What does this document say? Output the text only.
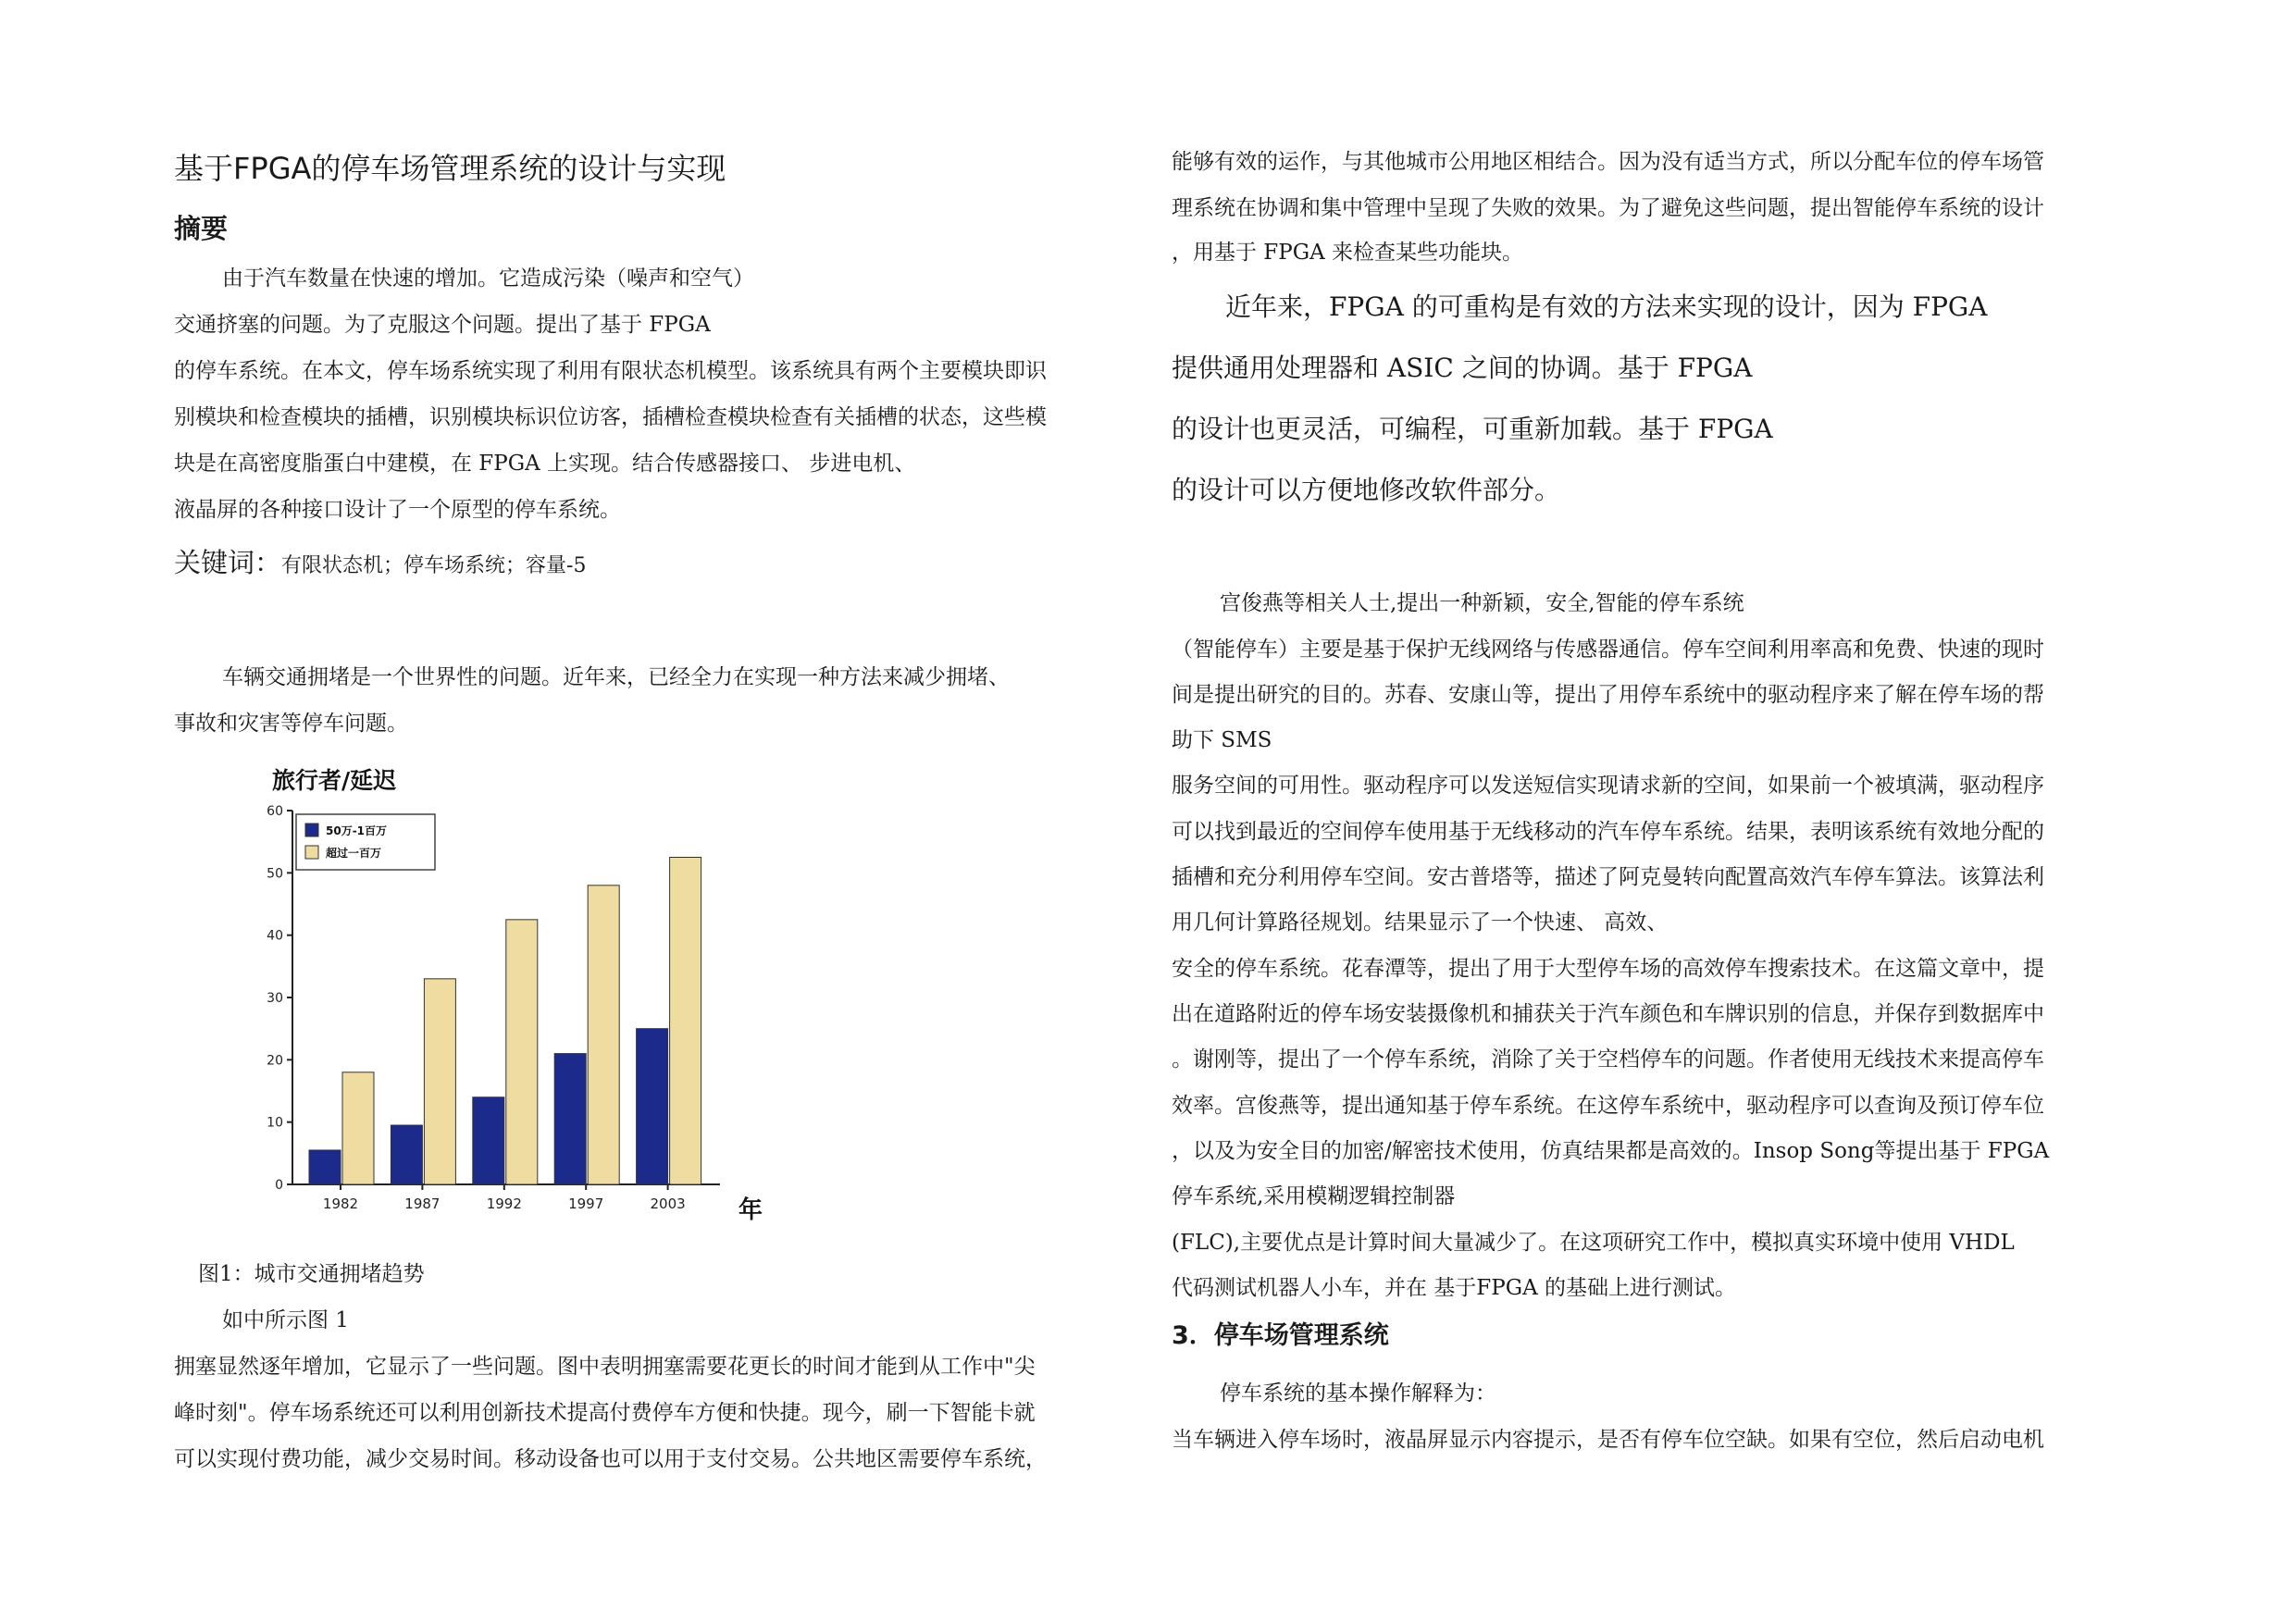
基于FPGA的停车场管理系统的设计与实现
摘要
由于汽车数量在快速的增加。它造成污染（噪声和空气）
交通挤塞的问题。为了克服这个问题。提出了基于 FPGA
的停车系统。在本文，停车场系统实现了利用有限状态机模型。该系统具有两个主要模块即识
别模块和检查模块的插槽，识别模块标识位访客，插槽检查模块检查有关插槽的状态，这些模
块是在高密度脂蛋白中建模，在 FPGA 上实现。结合传感器接口、 步进电机、
液晶屏的各种接口设计了一个原型的停车系统。
关键词：有限状态机；停车场系统；容量-5
车辆交通拥堵是一个世界性的问题。近年来，已经全力在实现一种方法来减少拥堵、
事故和灾害等停车问题。
旅行者/延迟
0
10
20
30
40
50
60
1982	1987	1992	1997	2003
50万-1百万
超过一百万
年
图1：城市交通拥堵趋势
如中所示图 1
拥塞显然逐年增加，它显示了一些问题。图中表明拥塞需要花更长的时间才能到从工作中"尖
峰时刻"。停车场系统还可以利用创新技术提高付费停车方便和快捷。现今，刷一下智能卡就
可以实现付费功能，减少交易时间。移动设备也可以用于支付交易。公共地区需要停车系统，
能够有效的运作，与其他城市公用地区相结合。因为没有适当方式，所以分配车位的停车场管
理系统在协调和集中管理中呈现了失败的效果。为了避免这些问题，提出智能停车系统的设计
，用基于 FPGA 来检查某些功能块。
近年来，FPGA 的可重构是有效的方法来实现的设计，因为 FPGA
提供通用处理器和 ASIC 之间的协调。基于 FPGA
的设计也更灵活，可编程，可重新加载。基于 FPGA
的设计可以方便地修改软件部分。
宫俊燕等相关人士,提出一种新颖，安全,智能的停车系统
（智能停车）主要是基于保护无线网络与传感器通信。停车空间利用率高和免费、快速的现时
间是提出研究的目的。苏春、安康山等，提出了用停车系统中的驱动程序来了解在停车场的帮
助下 SMS
服务空间的可用性。驱动程序可以发送短信实现请求新的空间，如果前一个被填满，驱动程序
可以找到最近的空间停车使用基于无线移动的汽车停车系统。结果，表明该系统有效地分配的
插槽和充分利用停车空间。安古普塔等，描述了阿克曼转向配置高效汽车停车算法。该算法利
用几何计算路径规划。结果显示了一个快速、 高效、
安全的停车系统。花春潭等，提出了用于大型停车场的高效停车搜索技术。在这篇文章中，提
出在道路附近的停车场安装摄像机和捕获关于汽车颜色和车牌识别的信息，并保存到数据库中
。谢刚等，提出了一个停车系统，消除了关于空档停车的问题。作者使用无线技术来提高停车
效率。宫俊燕等，提出通知基于停车系统。在这停车系统中，驱动程序可以查询及预订停车位
，以及为安全目的加密/解密技术使用，仿真结果都是高效的。Insop Song等提出基于 FPGA
停车系统,采用模糊逻辑控制器
(FLC),主要优点是计算时间大量减少了。在这项研究工作中，模拟真实环境中使用 VHDL
代码测试机器人小车，并在 基于FPGA 的基础上进行测试。
3．停车场管理系统
停车系统的基本操作解释为：
当车辆进入停车场时，液晶屏显示内容提示，是否有停车位空缺。如果有空位，然后启动电机
